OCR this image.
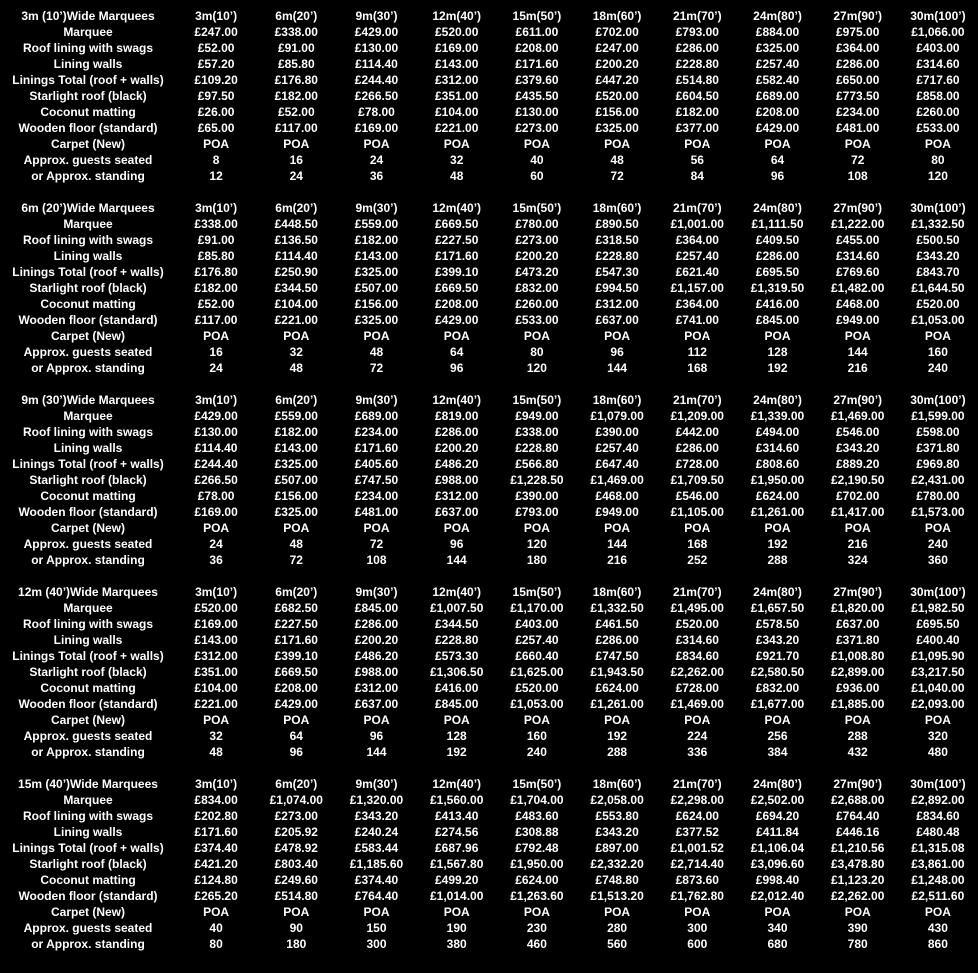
3m (10’)Wide Marquees	3m(10’)	6m(20’)	9m(30’)	12m(40’)	15m(50’)	18m(60’)	21m(70’)	24m(80’)	27m(90’)	30m(100’)
Marquee	£247.00	£338.00	£429.00	£520.00	£611.00	£702.00	£793.00	£884.00	£975.00	£1,066.00
Roof lining with swags	£52.00	£91.00	£130.00	£169.00	£208.00	£247.00	£286.00	£325.00	£364.00	£403.00
Lining walls	£57.20	£85.80	£114.40	£143.00	£171.60	£200.20	£228.80	£257.40	£286.00	£314.60
Linings Total (roof + walls)	£109.20	£176.80	£244.40	£312.00	£379.60	£447.20	£514.80	£582.40	£650.00	£717.60
Starlight roof (black)	£97.50	£182.00	£266.50	£351.00	£435.50	£520.00	£604.50	£689.00	£773.50	£858.00
Coconut matting	£26.00	£52.00	£78.00	£104.00	£130.00	£156.00	£182.00	£208.00	£234.00	£260.00
Wooden floor (standard)	£65.00	£117.00	£169.00	£221.00	£273.00	£325.00	£377.00	£429.00	£481.00	£533.00
Carpet (New)	POA	POA	POA	POA	POA	POA	POA	POA	POA	POA
Approx. guests seated	8	16	24	32	40	48	56	64	72	80
or Approx. standing	12	24	36	48	60	72	84	96	108	120
6m (20’)Wide Marquees	3m(10’)	6m(20’)	9m(30’)	12m(40’)	15m(50’)	18m(60’)	21m(70’)	24m(80’)	27m(90’)	30m(100’)
Marquee	£338.00	£448.50	£559.00	£669.50	£780.00	£890.50	£1,001.00	£1,111.50	£1,222.00	£1,332.50
Roof lining with swags	£91.00	£136.50	£182.00	£227.50	£273.00	£318.50	£364.00	£409.50	£455.00	£500.50
Lining walls	£85.80	£114.40	£143.00	£171.60	£200.20	£228.80	£257.40	£286.00	£314.60	£343.20
Linings Total (roof + walls)	£176.80	£250.90	£325.00	£399.10	£473.20	£547.30	£621.40	£695.50	£769.60	£843.70
Starlight roof (black)	£182.00	£344.50	£507.00	£669.50	£832.00	£994.50	£1,157.00	£1,319.50	£1,482.00	£1,644.50
Coconut matting	£52.00	£104.00	£156.00	£208.00	£260.00	£312.00	£364.00	£416.00	£468.00	£520.00
Wooden floor (standard)	£117.00	£221.00	£325.00	£429.00	£533.00	£637.00	£741.00	£845.00	£949.00	£1,053.00
Carpet (New)	POA	POA	POA	POA	POA	POA	POA	POA	POA	POA
Approx. guests seated	16	32	48	64	80	96	112	128	144	160
or Approx. standing	24	48	72	96	120	144	168	192	216	240
9m (30’)Wide Marquees	3m(10’)	6m(20’)	9m(30’)	12m(40’)	15m(50’)	18m(60’)	21m(70’)	24m(80’)	27m(90’)	30m(100’)
Marquee	£429.00	£559.00	£689.00	£819.00	£949.00	£1,079.00	£1,209.00	£1,339.00	£1,469.00	£1,599.00
Roof lining with swags	£130.00	£182.00	£234.00	£286.00	£338.00	£390.00	£442.00	£494.00	£546.00	£598.00
Lining walls	£114.40	£143.00	£171.60	£200.20	£228.80	£257.40	£286.00	£314.60	£343.20	£371.80
Linings Total (roof + walls)	£244.40	£325.00	£405.60	£486.20	£566.80	£647.40	£728.00	£808.60	£889.20	£969.80
Starlight roof (black)	£266.50	£507.00	£747.50	£988.00	£1,228.50	£1,469.00	£1,709.50	£1,950.00	£2,190.50	£2,431.00
Coconut matting	£78.00	£156.00	£234.00	£312.00	£390.00	£468.00	£546.00	£624.00	£702.00	£780.00
Wooden floor (standard)	£169.00	£325.00	£481.00	£637.00	£793.00	£949.00	£1,105.00	£1,261.00	£1,417.00	£1,573.00
Carpet (New)	POA	POA	POA	POA	POA	POA	POA	POA	POA	POA
Approx. guests seated	24	48	72	96	120	144	168	192	216	240
or Approx. standing	36	72	108	144	180	216	252	288	324	360
12m (40’)Wide Marquees	3m(10’)	6m(20’)	9m(30’)	12m(40’)	15m(50’)	18m(60’)	21m(70’)	24m(80’)	27m(90’)	30m(100’)
Marquee	£520.00	£682.50	£845.00	£1,007.50	£1,170.00	£1,332.50	£1,495.00	£1,657.50	£1,820.00	£1,982.50
Roof lining with swags	£169.00	£227.50	£286.00	£344.50	£403.00	£461.50	£520.00	£578.50	£637.00	£695.50
Lining walls	£143.00	£171.60	£200.20	£228.80	£257.40	£286.00	£314.60	£343.20	£371.80	£400.40
Linings Total (roof + walls)	£312.00	£399.10	£486.20	£573.30	£660.40	£747.50	£834.60	£921.70	£1,008.80	£1,095.90
Starlight roof (black)	£351.00	£669.50	£988.00	£1,306.50	£1,625.00	£1,943.50	£2,262.00	£2,580.50	£2,899.00	£3,217.50
Coconut matting	£104.00	£208.00	£312.00	£416.00	£520.00	£624.00	£728.00	£832.00	£936.00	£1,040.00
Wooden floor (standard)	£221.00	£429.00	£637.00	£845.00	£1,053.00	£1,261.00	£1,469.00	£1,677.00	£1,885.00	£2,093.00
Carpet (New)	POA	POA	POA	POA	POA	POA	POA	POA	POA	POA
Approx. guests seated	32	64	96	128	160	192	224	256	288	320
or Approx. standing	48	96	144	192	240	288	336	384	432	480
15m (40’)Wide Marquees	3m(10’)	6m(20’)	9m(30’)	12m(40’)	15m(50’)	18m(60’)	21m(70’)	24m(80’)	27m(90’)	30m(100’)
Marquee	£834.00	£1,074.00	£1,320.00	£1,560.00	£1,704.00	£2,058.00	£2,298.00	£2,502.00	£2,688.00	£2,892.00
Roof lining with swags	£202.80	£273.00	£343.20	£413.40	£483.60	£553.80	£624.00	£694.20	£764.40	£834.60
Lining walls	£171.60	£205.92	£240.24	£274.56	£308.88	£343.20	£377.52	£411.84	£446.16	£480.48
Linings Total (roof + walls)	£374.40	£478.92	£583.44	£687.96	£792.48	£897.00	£1,001.52	£1,106.04	£1,210.56	£1,315.08
Starlight roof (black)	£421.20	£803.40	£1,185.60	£1,567.80	£1,950.00	£2,332.20	£2,714.40	£3,096.60	£3,478.80	£3,861.00
Coconut matting	£124.80	£249.60	£374.40	£499.20	£624.00	£748.80	£873.60	£998.40	£1,123.20	£1,248.00
Wooden floor (standard)	£265.20	£514.80	£764.40	£1,014.00	£1,263.60	£1,513.20	£1,762.80	£2,012.40	£2,262.00	£2,511.60
Carpet (New)	POA	POA	POA	POA	POA	POA	POA	POA	POA	POA
Approx. guests seated	40	90	150	190	230	280	300	340	390	430
or Approx. standing	80	180	300	380	460	560	600	680	780	860
